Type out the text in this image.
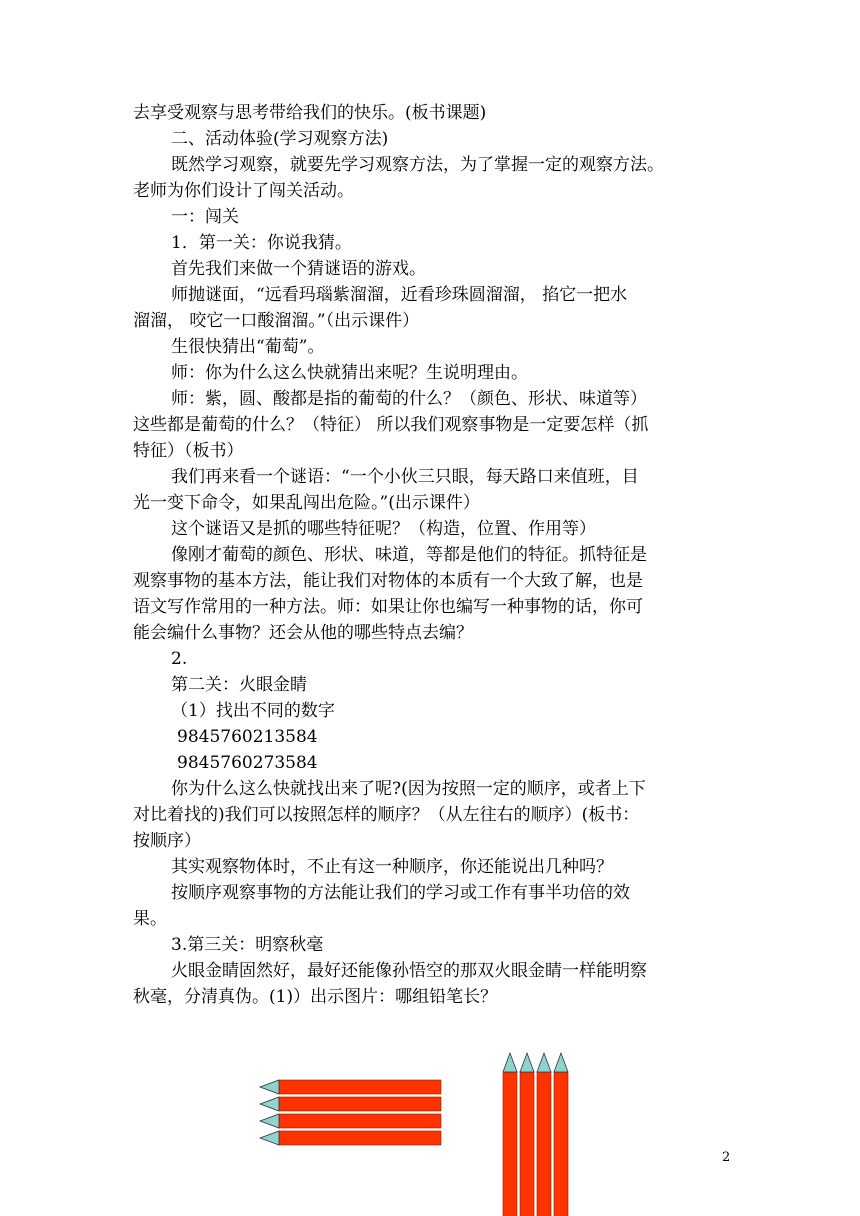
去享受观察与思考带给我们的快乐。(板书课题)
二、活动体验(学习观察方法)
既然学习观察，就要先学习观察方法，为了掌握一定的观察方法。
老师为你们设计了闯关活动。
一：闯关
1．第一关：你说我猜。
首先我们来做一个猜谜语的游戏。
师抛谜面，“远看玛瑙紫溜溜，近看珍珠圆溜溜， 掐它一把水
溜溜， 咬它一口酸溜溜。”（出示课件）
生很快猜出“葡萄”。
师：你为什么这么快就猜出来呢？生说明理由。
师：紫，圆、酸都是指的葡萄的什么？（颜色、形状、味道等）
这些都是葡萄的什么？（特征） 所以我们观察事物是一定要怎样（抓
特征）（板书）
我们再来看一个谜语：“一个小伙三只眼，每天路口来值班，目
光一变下命令，如果乱闯出危险。”(出示课件）
这个谜语又是抓的哪些特征呢？（构造，位置、作用等）
像刚才葡萄的颜色、形状、味道，等都是他们的特征。抓特征是
观察事物的基本方法，能让我们对物体的本质有一个大致了解，也是
语文写作常用的一种方法。师：如果让你也编写一种事物的话，你可
能会编什么事物？还会从他的哪些特点去编？
2.
第二关：火眼金睛
（1）找出不同的数字
9845760213584
9845760273584
你为什么这么快就找出来了呢?(因为按照一定的顺序，或者上下
对比着找的)我们可以按照怎样的顺序？（从左往右的顺序）(板书：
按顺序）
其实观察物体时，不止有这一种顺序，你还能说出几种吗？
按顺序观察事物的方法能让我们的学习或工作有事半功倍的效
果。
3.第三关：明察秋毫
火眼金睛固然好，最好还能像孙悟空的那双火眼金睛一样能明察
秋毫，分清真伪。(1)）出示图片：哪组铅笔长？
2
